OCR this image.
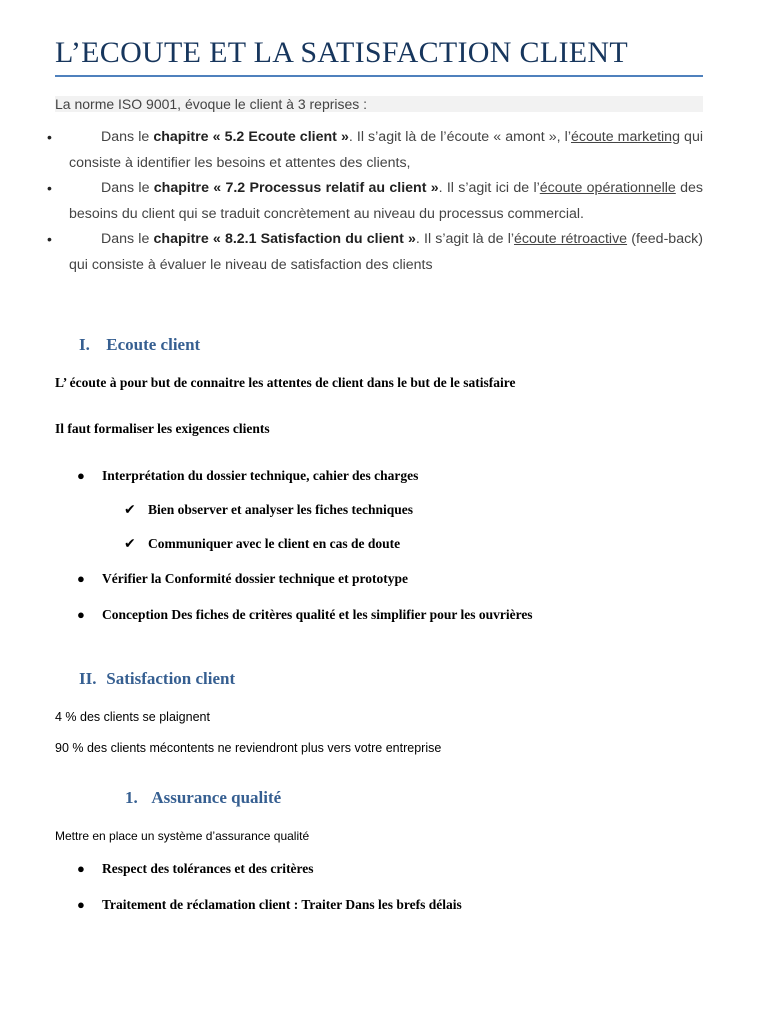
L’ECOUTE ET LA SATISFACTION CLIENT
La norme ISO 9001, évoque le client à 3 reprises :
• Dans le chapitre « 5.2 Ecoute client ». Il s’agit là de l’écoute « amont », l’écoute marketing qui consiste à identifier les besoins et attentes des clients,
• Dans le chapitre « 7.2 Processus relatif au client ». Il s’agit ici de l’écoute opérationnelle des besoins du client qui se traduit concrètement au niveau du processus commercial.
• Dans le chapitre « 8.2.1 Satisfaction du client ». Il s’agit là de l’écoute rétroactive (feed-back) qui consiste à évaluer le niveau de satisfaction des clients
I. Ecoute client
L’ écoute à pour but de connaitre les attentes de client dans le but de le satisfaire
Il faut formaliser les exigences clients
● Interprétation du dossier technique, cahier des charges
✔ Bien observer et analyser les fiches techniques
✔ Communiquer avec le client en cas de doute
● Vérifier la Conformité dossier technique et prototype
● Conception Des fiches de critères qualité et les simplifier pour les ouvrières
II. Satisfaction client
4 % des clients se plaignent
90 % des clients mécontents ne reviendront plus vers votre entreprise
1. Assurance qualité
Mettre en place un système d’assurance qualité
● Respect des tolérances et des critères
● Traitement de réclamation client : Traiter Dans les brefs délais
